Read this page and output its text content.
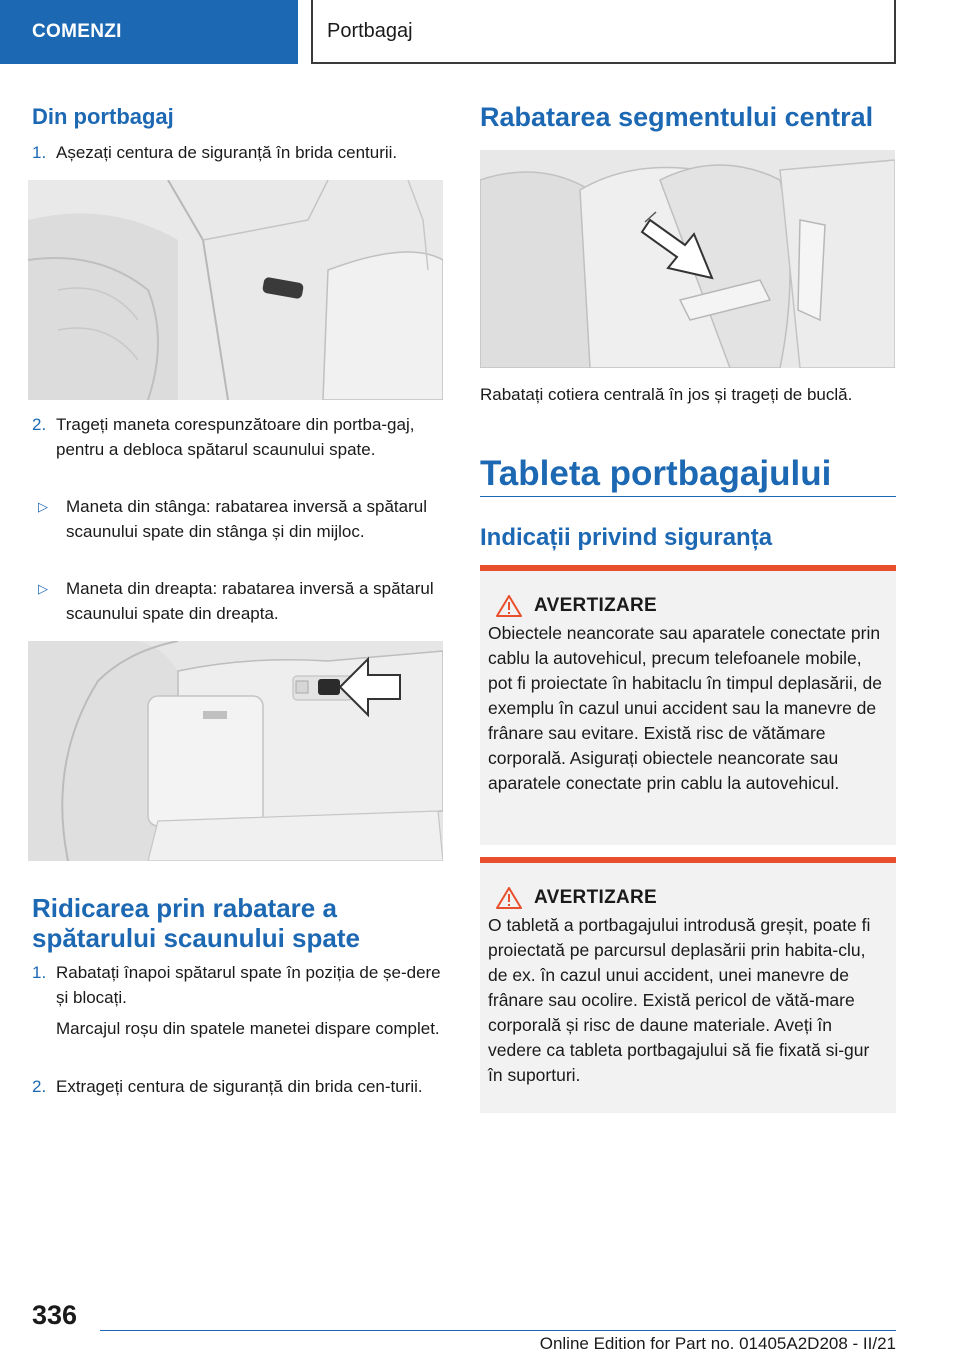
COMENZI	Portbagaj
Din portbagaj
1. Așezați centura de siguranță în brida centurii.
2. Trageți maneta corespunzătoare din portba-gaj, pentru a debloca spătarul scaunului spate.
▷	Maneta din stânga: rabatarea inversă a spătarul scaunului spate din stânga și din mijloc.
▷	Maneta din dreapta: rabatarea inversă a spătarul scaunului spate din dreapta.
Ridicarea prin rabatare a spătarului scaunului spate
1. Rabatați înapoi spătarul spate în poziția de șe-dere și blocați.
Marcajul roșu din spatele manetei dispare complet.
2. Extrageți centura de siguranță din brida cen-turii.
Rabatarea segmentului central
Rabatați cotiera centrală în jos și trageți de buclă.
Tableta portbagajului
Indicații privind siguranța
AVERTIZARE
Obiectele neancorate sau aparatele conectate prin cablu la autovehicul, precum telefoanele mobile, pot fi proiectate în habitaclu în timpul deplasării, de exemplu în cazul unui accident sau la manevre de frânare sau evitare. Există risc de vătămare corporală. Asigurați obiectele neancorate sau aparatele conectate prin cablu la autovehicul.
AVERTIZARE
O tabletă a portbagajului introdusă greșit, poate fi proiectată pe parcursul deplasării prin habita-clu, de ex. în cazul unui accident, unei manevre de frânare sau ocolire. Există pericol de vătă-mare corporală și risc de daune materiale. Aveți în vedere ca tableta portbagajului să fie fixată si-gur în suporturi.
336
Online Edition for Part no. 01405A2D208 - II/21
